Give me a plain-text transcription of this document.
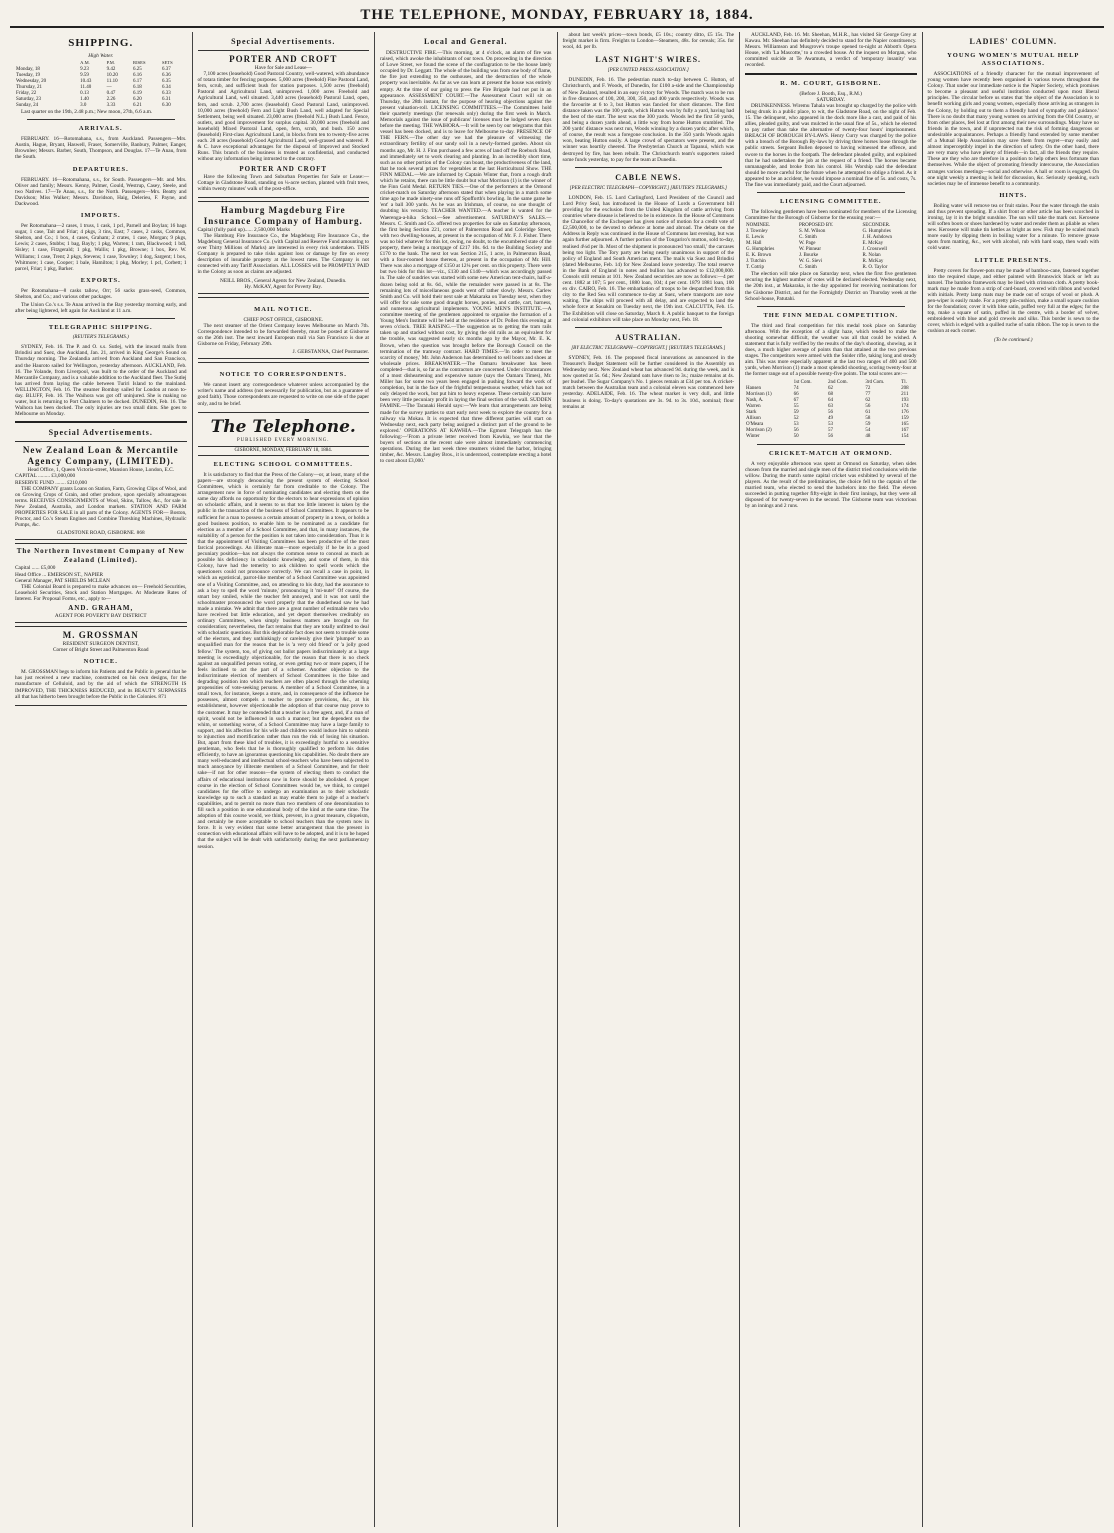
THE TELEPHONE, MONDAY, FEBRUARY 18, 1884.
SHIPPING.
High Water.
	A.M.	P.M.	RISES	SETS
Monday, 18	9.23	9.42	6.25	6.37
Tuesday, 19	9.59	10.20	6.16	6.36
Wednesday, 20	10.43	11.10	6.17	6.35
Thursday, 21	11.40	—	6.18	6.34
Friday, 22	0.13	0.47	6.19	6.33
Saturday, 23	1.40	2.26	6.20	6.31
Sunday, 24	3.0	3.33	6.21	6.30

Last quarter on the 19th, 2.48 p.m.; New moon, 27th, 6.6 a.m.

ARRIVALS.

FEBRUARY. 16—Rotomahana, s.s., from Auckland. Passengers—Mrs. Austin, Hague, Bryant, Haswell, Fraser, Somerville, Banbury, Palmer, Eanger, Brownlee; Messrs. Barber, South, Thompson, and Douglas. 17—Te Anau, from the South.

DEPARTURES.

FEBRUARY. 16—Rotomahana, s.s., for South. Passengers—Mr. and Mrs. Oliver and family; Messrs. Kenny, Palmer, Gould, Westrup, Casey, Steele, and two Natives. 17—Te Anau, s.s., for the North. Passengers—Mrs. Beatty and Davidson; Miss Walker; Messrs. Davidson, Haig, Delerieu, F. Payne, and Dackwood.

IMPORTS.

Per Rotomahana—2 cases, 1 truss, 1 cask, 1 pcl, Parnell and Boylan; 16 bags sugar, 1 case, Tait and Friar; 4 pkgs, 3 tins, East; 7 cases, 2 casks, Common, Shelton, and Co.; 1 box, 4 cases, Graham; 2 crates, 1 case, Morgan; 9 pkgs, Lewis; 2 cases, Stubbs; 1 bag, Bayly; 1 pkg, Warren; 1 ram, Blackwood; 1 bdl, Sisley; 1 case, Fitzgerald; 1 pkg, Wallis; 1 pkg, Browne; 1 box, Rev. W. Williams; 1 case, Trent; 2 pkgs, Stevens; 1 case, Townley; 1 dog, Sargent; 1 box, Whitmore; 1 case, Cooper; 1 bale, Hamilton; 1 pkg, Morley; 1 pcl, Corbett; 1 parcel, Friar; 1 pkg, Barker.

EXPORTS.

Per Rotomahana—8 casks tallow, Orr; 56 sacks grass-seed, Common, Shelton, and Co.; and various other packages.

The Union Co.'s s.s. Te Anau arrived in the Bay yesterday morning early, and after being lightered, left again for Auckland at 11 a.m.

TELEGRAPHIC SHIPPING.
(REUTER'S TELEGRAMS.)

SYDNEY, Feb. 16. The P. and O. s.s. Sutlej, with the inward mails from Brindisi and Suez, due Auckland, Jan. 21, arrived in King George's Sound on Thursday morning. The Zealandia arrived from Auckland and San Francisco, and the Hauroto sailed for Wellington, yesterday afternoon. AUCKLAND, Feb. 16. The Yolande, from Liverpool, was built to the order of the Auckland and Mercantile Company, and is a valuable addition to the Auckland fleet. The Sutlej has arrived from laying the cable between Turiri Island to the mainland. WELLINGTON, Feb. 16. The steamer Bombay sailed for London at noon to-day. BLUFF, Feb. 16. The Waihora was got off uninjured. She is making no water, but is returning to Port Chalmers to be docked. DUNEDIN, Feb. 16. The Waihora has been docked. The only injuries are two small dints. She goes to Melbourne on Monday.

Special Advertisements.
New Zealand Loan & Mercantile Agency Company, (LIMITED).
Head Office, 1, Queen Victoria-street, Mansion House, London, E.C.
CAPITAL ......... £3,000,000
RESERVE FUND ........ £210,000

THE COMPANY grants Loans on Station, Farm, Growing Clips of Wool, and on Growing Crops of Grain, and other produce, upon specially advantageous terms. RECEIVES CONSIGNMENTS of Wool, Skins, Tallow, &c., for sale in New Zealand, Australia, and London markets. STATION AND FARM PROPERTIES FOR SALE in all parts of the Colony. AGENTS FOR— Boston, Proctor, and Co.'s Steam Engines and Combine Threshing Machines, Hydraulic Pumps, &c.

GLADSTONE ROAD, GISBORNE. 868
The Northern Investment Company of New Zealand (Limited).
Capital ...... £5,000
Head Office ... EMERSON ST., NAPIER
General Manager, PAT SHIELDS MCLEAN

THE Colonial Board is prepared to make advances on— Freehold Securities, Leasehold Securities, Stock and Station Mortgages. At Moderate Rates of Interest. For Proposal Forms, etc., apply to—

AND. GRAHAM,
AGENT FOR POVERTY BAY DISTRICT
M. GROSSMAN
RESIDENT SURGEON DENTIST,
Corner of Bright Street and Palmerston Road
NOTICE.

M. GROSSMAN begs to inform his Patients and the Public in general that he has just received a new machine, constructed on his own designs, for the manufacture of Celluloid, and by the aid of which the STRENGTH IS IMPROVED, THE THICKNESS REDUCED, and its BEAUTY SURPASSES all that has hitherto been brought before the Public in the Colonies. 871

Special Advertisements.
PORTER AND CROFT
Have for Sale and Lease—

7,100 acres (leasehold) Good Pastoral Country, well-watered, with abundance of totara timber for fencing purposes. 5,000 acres (freehold) Fine Pastoral Land, fern, scrub, and sufficient bush for station purposes. 1,500 acres (freehold) Pastoral and Agricultural Land, unimproved. 1,000 acres Freehold and Agricultural Land, well situated. 3,440 acres (leasehold) Pastoral Land, open, fern, and scrub. 2,700 acres (leasehold) Good Pastoral Land, unimproved. 10,000 acres (freehold) Fern and Light Bush Land, well adapted for Special Settlement, being well situated. 23,000 acres (freehold N.L.) Bush Land. Fence, outlets, and good improvement for surplus capital. 30,000 acres (freehold and leasehold) Mixed Pastoral Land, open, fern, scrub, and bush. 150 acres (leasehold) First-class Agricultural Land, in blocks from ten to twenty-five acres each. 28 acres (leasehold) Good Agricultural Land, well-grassed and watered. P. & C. have exceptional advantages for the disposal of Improved and Stocked Runs. This branch of the business is treated as confidential, and conducted without any information being intrusted to the contrary.

PORTER AND CROFT

Have the following Town and Suburban Properties for Sale or Lease:— Cottage in Gladstone Road, standing on ¼-acre section, planted with fruit trees, within twenty minutes' walk of the post-office.

Hamburg Magdeburg Fire Insurance Company of Hamburg.
Capital (fully paid up)...... 2,500,000 Marks

The Hamburg Fire Insurance Co., the Magdeburg Fire Insurance Co., the Magdeburg General Insurance Co. (with Capital and Reserve Fund amounting to over Thirty Millions of Marks) are interested in every risk undertaken. THIS Company is prepared to take risks against loss or damage by fire on every description of insurable property at the lowest rates. The Company is not connected with any Tariff Association. ALL LOSSES will be PROMPTLY PAID in the Colony as soon as claims are adjusted.

NEILL BROS., General Agents for New Zealand, Dunedin.
Hy. McKAY, Agent for Poverty Bay.
MAIL NOTICE.
CHIEF POST OFFICE, GISBORNE.

The next steamer of the Orient Company leaves Melbourne on March 7th. Correspondence intended to be forwarded thereby, must be posted at Gisborne on the 26th inst. The next inward European mail via San Francisco is due at Gisborne on Friday, February 29th.

J. GEBSTANNA, Chief Postmaster.
NOTICE TO CORRESPONDENTS.

We cannot insert any correspondence whatever unless accompanied by the writer's name and address (not necessarily for publication, but as a guarantee of good faith). Those correspondents are requested to write on one side of the paper only, and to be brief.

The Telephone.
PUBLISHED EVERY MORNING.
GISBORNE, MONDAY, FEBRUARY 18, 1884.
ELECTING SCHOOL COMMITTEES.

It is satisfactory to find that the Press of the Colony—or, at least, many of the papers—are strongly denouncing the present system of electing School Committees, which is certainly far from creditable to the Colony. The arrangement now in force of nominating candidates and electing them on the same day affords no opportunity for the electors to hear expressions of opinion on scholastic affairs, and it seems to us that too little interest is taken by the public in the transaction of the business of School Committees. It appears to be sufficient for a man to possess a certain amount of property in a town, or holds a good business position, to enable him to be nominated as a candidate for election as a member of a School Committee, and that, in many instances, the suitability of a person for the position is not taken into consideration. Thus it is that the appointment of Visiting Committees has been productive of the most farcical proceedings. An illiterate man—more especially if he be in a good pecuniary position—has not always the common sense to conceal as much as possible his deficiency in scholastic knowledge, and some of them, in this Colony, have had the temerity to ask children to spell words which the questioners could not pronounce correctly. We can recall a case in point, in which an egotistical, parrot-like member of a School Committee was appointed one of a Visiting Committee, and, on attending to his duty, had the assurance to ask a boy to spell the word 'minute,' pronouncing it 'mi-nute!' Of course, the smart boy smiled, while the teacher felt annoyed, and it was not until the schoolmaster pronounced the word properly that the dunderhead saw he had made a mistake. We admit that there are a great number of estimable men who have received but little education, and yet deport themselves creditably on ordinary Committees, when simply business matters are brought on for consideration; nevertheless, the fact remains that they are totally unfitted to deal with scholastic questions. But this deplorable fact does not seem to trouble some of the electors, and they unthinkingly or carelessly give their 'plumper' to an unqualified man for the reason that he is 'a very old friend' or 'a jolly good fellow.' The system, too, of giving out ballot papers indiscriminately at a large meeting is exceedingly objectionable, for the reason that there is no check against an unqualified person voting, or even getting two or more papers, if he feels inclined to act the part of a schemer. Another objection to the indiscriminate election of members of School Committees is the false and degrading position into which teachers are often placed through the scheming propensities of vote-seeking persons. A member of a School Committee, in a small town, for instance, keeps a store, and, in consequence of the influence he possesses, almost compels a teacher to procure provisions, &c., at his establishment, however objectionable the adoption of that course may prove to the customer. It may be contended that a teacher is a free agent, and, if a man of spirit, would not be influenced in such a manner; but the dependent on the whim, or something worse, of a School Committee may have a large family to support, and his affection for his wife and children would induce him to submit to injunction and mortification rather than run the risk of losing his situation. But, apart from these kind of troubles, it is exceedingly hurtful to a sensitive gentleman, who feels that he is thoroughly qualified to perform his duties efficiently, to have an ignoramus questioning his capabilities. No doubt there are many well-educated and intellectual school-teachers who have been subjected to much annoyance by illiterate members of a School Committee, and for their sake—if not for other reasons—the system of electing them to conduct the affairs of educational institutions now in force should be abolished. A proper course in the election of School Committees would be, we think, to compel candidates for the office to undergo an examination as to their scholastic knowledge up to such a standard as may enable them to judge of a teacher's capabilities, and to permit no more than two members of one denomination to fill such a position in one educational body of the kind at the same time. The adoption of this course would, we think, prevent, in a great measure, cliqueism, and certainly be more acceptable to school teachers than the system now in force. It is very evident that some better arrangement than the present in connection with educational affairs will have to be adopted, and it is to be hoped that the subject will be dealt with satisfactorily during the next parliamentary session.

Local and General.

DESTRUCTIVE FIRE.—This morning, at 4 o'clock, an alarm of fire was raised, which awoke the inhabitants of our town. On proceeding in the direction of Lowe Street, we found the scene of the conflagration to be the house lately occupied by Dr. Leggatt. The whole of the building was from one body of flame, the fire just extending to the outhouses, and the destruction of the whole property was inevitable. As far as we can learn at present the house was entirely empty. At the time of our going to press the Fire Brigade had not put in an appearance. ASSESSMENT COURT.—The Assessment Court will sit on Thursday, the 28th instant, for the purpose of hearing objections against the present valuation-roll. LICENSING COMMITTEES.—The Committees hold their quarterly meetings (for renewals only) during the first week in March. Memorials against the issue of publicans' licenses must be lodged seven days before the meeting. THE WAIHORA.—It will be seen by our telegrams that this vessel has been docked, and is to leave for Melbourne to-day. PRESENCE OF THE FERN.—The other day we had the pleasure of witnessing the extraordinary fertility of our sandy soil in a newly-formed garden. About six months ago, Mr. H. J. Finn purchased a few acres of land off the Roebuck Road, and immediately set to work clearing and planting. In an incredibly short time, such as no other portion of the Colony can boast, the productiveness of the land, that he took several prizes for vegetables at the last Horticultural Show. THE FINN MEDAL.—We are informed by Captain Winter that, from a rough draft which he retains, there can be little doubt but what Morrison (1) is the winner of the Finn Gold Medal. RETURN TIES.—One of the performers at the Ormond cricket-match on Saturday afternoon stated that when playing in a match some time ago he made ninety-one runs off Spofforth's bowling. In the same game he 'ent' a ball 300 yards. As he was an Irishman, of course, no one thought of doubting his veracity. TEACHER WANTED.—A teacher is wanted for the Waerenga-a-hika School.—See advertisement. SATURDAY'S SALES.—Messrs. C. Smith and Co. offered two properties for sale on Saturday afternoon, the first being Section 221, corner of Palmerston Road and Coleridge Street, with two dwelling-houses, at present in the occupation of Mr. F. J. Fisher. There was no bid whatever for this lot, owing, no doubt, to the encumbered state of the property, there being a mortgage of £217 10s. 6d. to the Building Society and £170 to the bank. The next lot was Section 215, 1 acre, in Palmerston Road, with a four-roomed house thereon, at present in the occupation of Mr. Hill. There was also a mortgage of £150 at 12¼ per cent. on this property. There were but two bids for this lot—viz., £130 and £140—which was accordingly passed in. The sale of sundries was started with some new American tent-chairs, half-a-dozen being sold at 8s. 6d., while the remainder were passed in at 8s. The remaining lots of miscellaneous goods went off rather slowly. Messrs. Carlew Smith and Co. will hold their next sale at Makaraka on Tuesday next, when they will offer for sale some good draught horses, ponies, and cattle, cart, harness, and numerous agricultural implements. YOUNG MEN'S INSTITUTE.—A committee meeting of the gentlemen appointed to organise the formation of a Young Men's Institute will be held at the residence of Dr. Pollen this evening at seven o'clock. TREE RAISING.—The suggestion as to getting the tram rails taken up and stacked without cost, by giving the old rails as an equivalent for the trouble, was suggested nearly six months ago by the Mayor, Mr. E. K. Brown, when the question was brought before the Borough Council on the termination of the tramway contract. HARD TIMES.—'In order to meet the scarcity of money,' Mr. John Anderson has determined to sell boots and shoes at wholesale prices. BREAKWATER.—The Oamaru breakwater has been completed—that is, so far as the contractors are concerned. Under circumstances of a most disheartening and expensive nature (says the Oamaru Times), Mr. Miller has for some two years been engaged in pushing forward the work of completion, but in the face of the frightful tempestuous weather, which has not only delayed the work, but put him to heavy expense. These certainly can have been very little pecuniary profit in laying the final section of the wall. SUDDEN FAMINE.—The Taranaki Herald says:—'We learn that arrangements are being made for the survey parties to start early next week to explore the country for a railway via Mokau. It is expected that three different parties will start on Wednesday next, each party being assigned a distinct part of the ground to be explored.' OPERATIONS AT KAWHIA.—The Egmont Telegraph has the following:—'From a private letter received from Kawhia, we hear that the buyers of sections at the recent sale were almost immediately commencing operations. During the last week three steamers visited the harbor, bringing timber, &c. Messrs. Langley Bros., it is understood, contemplate erecting a hotel to cost about £3,000.'

about last week's prices—town bonds, £5 10s.; country ditto, £5 15s. The freight market is firm. Freights to London—Steamers, 48s. for cereals; 35s. for wool, 4d. per lb.

LAST NIGHT'S WIRES.
[PER UNITED PRESS ASSOCIATION.]

DUNEDIN, Feb. 16. The pedestrian match to-day between C. Hutton, of Christchurch, and F. Woods, of Dunedin, for £100 a-side and the Championship of New Zealand, resulted in an easy victory for Woods. The match was to be run in five distances of 100, 200, 300, 350, and 400 yards respectively. Woods was the favourite at 6 to 3, but Hutton was fancied for short distances. The first distance taken was the 100 yards, which Hutton won by fully a yard, having had the best of the start. The next was the 300 yards. Woods led the first 50 yards, and being a dozen yards ahead, a little way from home Hutton stumbled. The 200 yards' distance was next run, Woods winning by a dozen yards; after which, of course, the result was a foregone conclusion. In the 350 yards Woods again won, beating Hutton easily. A large crowd of spectators were present, and the winner was heartily cheered. The Presbyterian Church at Tapanui, which was destroyed by fire, has been rebuilt. The Christchurch team's supporters raised some funds yesterday, to pay for the team at Dunedin.

CABLE NEWS.
[PER ELECTRIC TELEGRAPH—COPYRIGHT.] [REUTER'S TELEGRAMS.]

LONDON, Feb. 15. Lord Carlingford, Lord President of the Council and Lord Privy Seal, has introduced in the House of Lords a Government bill providing for the exclusion from the United Kingdom of cattle arriving from countries where disease is believed to be in existence. In the House of Commons the Chancellor of the Exchequer has given notice of motion for a credit vote of £2,500,000, to be devoted to defence at home and abroad. The debate on the Address in Reply was continued in the House of Commons last evening, but was again further adjourned. A further portion of the Tongariro's mutton, sold to-day, realised 4¼d per lb. Most of the shipment is pronounced 'too small,' the carcases being too light. The Tory party are being nearly unanimous in support of the policy of England and South American ment. The mails via Suez and Brindisi (dated Melbourne, Feb. 14) for New Zealand leave yesterday. The total reserve in the Bank of England in notes and bullion has advanced to £12,000,000. Consols still remain at 101. New Zealand securities are now as follows:—4 per cent. 1882 at 107; 5 per cent., 1880 loan, 104; 4 per cent. 1879 1881 loan, 100 ex div. CAIRO, Feb. 16. The embarkation of troops to be despatched from this city to the Red Sea will commence to-day at Suez, where transports are now waiting. The ships will proceed with all delay, and are expected to land the whole force at Souakim on Tuesday next, the 19th inst. CALCUTTA, Feb. 15. The Exhibition will close on Saturday, March 8. A public banquet to the foreign and colonial exhibitors will take place on Monday next, Feb. 18.

AUSTRALIAN.
[BY ELECTRIC TELEGRAPH—COPYRIGHT.] [REUTER'S TELEGRAMS.]

SYDNEY, Feb. 16. The proposed fiscal innovations as announced in the Treasurer's Budget Statement will be further considered in the Assembly on Wednesday next. New Zealand wheat has advanced 9d. during the week, and is now quoted at 5s. 6d.; New Zealand oats have risen to 3s.; maize remains at 4s. per bushel. The Sugar Company's No. 1 pieces remain at £34 per ton. A cricket-match between the Australian team and a colonial eleven was commenced here yesterday. ADELAIDE, Feb. 16. The wheat market is very dull, and little business is doing. To-day's quotations are 3s. 9d. to 3s. 10d., nominal; flour remains at

AUCKLAND, Feb. 16. Mr. Sheehan, M.H.R., has visited Sir George Grey at Kawau. Mr. Sheehan has definitely decided to stand for the Napier constituency. Messrs. Williamson and Musgrove's troupe opened to-night at Abbott's Opera House, with 'La Mascotte,' to a crowded house. At the inquest on Morgan, who committed suicide at Te Awamutu, a verdict of 'temporary insanity' was recorded.

R. M. COURT, GISBORNE.
(Before J. Booth, Esq., R.M.)
SATURDAY.

DRUNKENNESS. Wiremu Tahala was brought up charged by the police with being drunk in a public place, to wit, the Gladstone Road, on the night of Feb. 15. The delinquent, who appeared in the dock more like a cast, and paid of his allies, pleaded guilty, and was mulcted in the usual fine of 5s., which he elected to pay rather than take the alternative of twenty-four hours' imprisonment. BREACH OF BOROUGH BY-LAWS. Henry Curry was charged by the police with a breach of the Borough By-laws by driving three horses loose through the public streets. Sergeant Bullen deposed to having witnessed the offence, and swore to the horses in the footpath. The defendant pleaded guilty, and explained that he had undertaken the job at the request of a friend. The horses became unmanageable, and broke from his control. His Worship said the defendant should be more careful for the future when he attempted to oblige a friend. As it appeared to be an accident, he would impose a nominal fine of 5s. and costs, 7s. The fine was immediately paid, and the Court adjourned.

LICENSING COMMITTEE.

The following gentlemen have been nominated for members of the Licensing Committee for the Borough of Gisborne for the ensuing year:—

NOMINEE.	PROPOSED BY.	SECONDER.
J. Townley	S. M. Wilson	G. Humphries
E. Lewis	C. Smith	J. H. Ashdown
M. Hall	W. Page	E. McKay
G. Humphries	W. Pinnear	J. Crosswell
E. K. Brown	J. Bourke	R. Nolan
J. Tutchin	W. G. Sievi	R. McKay
T. Cotrip	C. Smith	R. O. Taylor

The election will take place on Saturday next, when the first five gentlemen securing the highest number of votes will be declared elected. Wednesday next, the 20th inst., at Makaraka, is the day appointed for receiving nominations for the Gisborne District, and for the Fortnightly District on Thursday week at the School-house, Patutahi.

THE FINN MEDAL COMPETITION.

The third and final competition for this medal took place on Saturday afternoon. With the exception of a slight haze, which tended to make the shooting somewhat difficult, the weather was all that could be wished. A statement that is fully verified by the results of the day's shooting, showing, as it does, a much higher average of points than that attained at the two previous stages. The competitors were armed with the Snider rifle, taking long and steady aim. This was more especially apparent at the last two ranges of 400 and 500 yards, when Morrison (1) made a most splendid shooting, scoring twenty-four at the former range out of a possible twenty-five points. The total scores are:—

	1st Com.	2nd Com.	3rd Com.	Tl.
Hansen	74	62	72	208
Morrison (1)	66	68	77	211
Nash, A.	67	64	62	193
Warren	55	63	56	174
Stark	59	56	61	176
Allison	52	49	58	159
O'Meara	53	53	59	165
Morrison (2)	56	57	54	167
Winter	50	56	48	154
CRICKET-MATCH AT ORMOND.

A very enjoyable afternoon was spent at Ormond on Saturday, when sides chosen from the married and single men of the district tried conclusions with the willow. During the match some capital cricket was exhibited by several of the players. As the result of the preliminaries, the choice fell to the captain of the married team, who elected to send the bachelors into the field. The eleven succeeded in putting together fifty-eight in their first innings, but they were all disposed of for twenty-seven in the second. The Gisborne team was victorious by an innings and 2 runs.

LADIES' COLUMN.
YOUNG WOMEN'S MUTUAL HELP ASSOCIATIONS.

ASSOCIATIONS of a friendly character for the mutual improvement of young women have recently been organised in various towns throughout the Colony. That under our immediate notice is the Napier Society, which promises to become a pleasant and useful institution conducted upon most liberal principles. The circular before us states that 'the object of the Association is to benefit working girls and young women, especially those arriving as strangers in the Colony, by holding out to them a friendly hand of sympathy and guidance.' There is no doubt that many young women on arriving from the Old Country, or from other places, feel lost at first among their new surroundings. Many have no friends in the town, and if unprotected run the risk of forming dangerous or undesirable acquaintances. Perhaps a friendly hand extended by some member of a Mutual Help Association may save them from regret—may easily and almost imperceptibly impel in the direction of safety. On the other hand, there are very many who have plenty of friends—in fact, all the friends they require. These are they who are therefore in a position to help others less fortunate than themselves. While the object of promoting friendly intercourse, the Association arranges various meetings—social and otherwise. A hall or room is engaged. On one night weekly a meeting is held for discussion, &c. Seriously speaking, such societies may be of immense benefit to a community.

HINTS.

Boiling water will remove tea or fruit stains. Pour the water through the stain and thus prevent spreading. If a shirt front or other article has been scorched in ironing, lay it in the bright sunshine. The sun will take the mark out. Kerosene will soften boots or shoes hardened by water and render them as pliable as when new. Kerosene will make tin kettles as bright as new. Fish may be scaled much more easily by dipping them in boiling water for a minute. To remove grease spots from matting, &c., wet with alcohol, rub with hard soap, then wash with cold water.

LITTLE PRESENTS.

Pretty covers for flower-pots may be made of bamboo-cane, fastened together into the required shape, and either painted with Brunswick black or left au naturel. The bamboo framework may be lined with crimson cloth. A pretty book-mark may be made from a strip of card-board, covered with ribbon and worked with initials. Pretty lamp mats may be made out of scraps of wool or plush. A pen-wiper is easily made. For a pretty pin-cushion, make a small square cushion for the foundation; cover it with blue satin, puffed very full at the edges; for the top, make a square of satin, puffed in the centre, with a border of velvet, embroidered with blue and gold crewels and silks. This border is sewn to the cover, which is edged with a quilled ruche of satin ribbon. The top is sewn to the cushion at each corner.

(To be continued.)
